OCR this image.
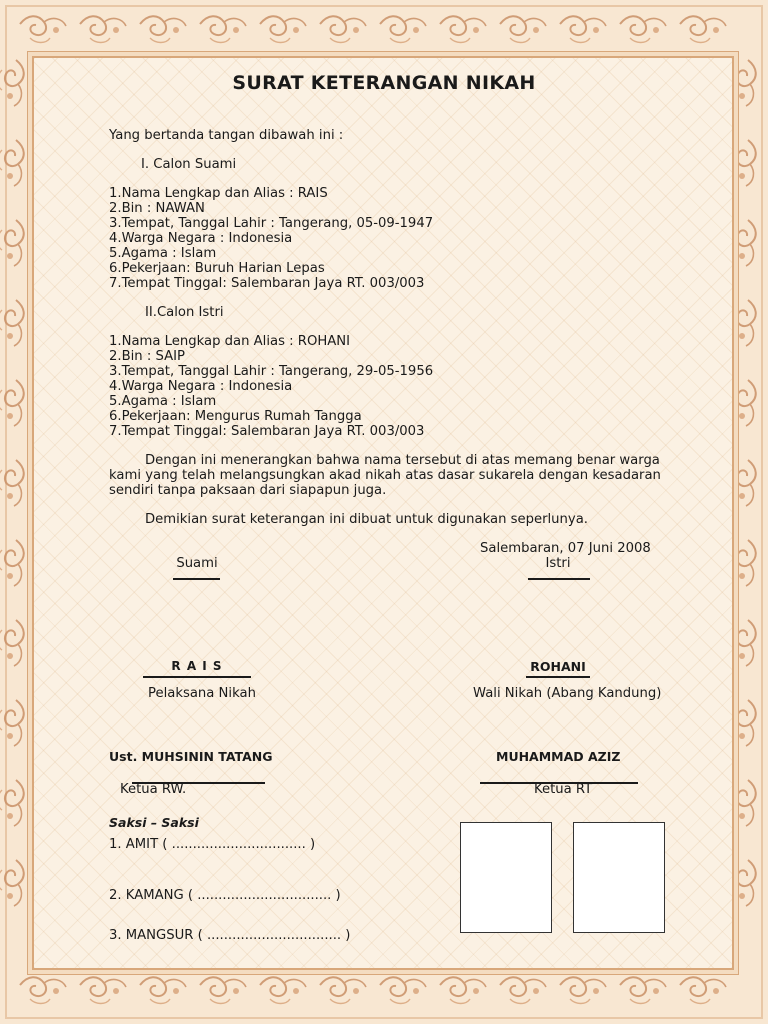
SURAT KETERANGAN NIKAH
Yang bertanda tangan dibawah ini :
I. Calon Suami
1.Nama Lengkap dan Alias : RAIS
2.Bin : NAWAN
3.Tempat, Tanggal Lahir : Tangerang, 05-09-1947
4.Warga Negara : Indonesia
5.Agama : Islam
6.Pekerjaan: Buruh Harian Lepas
7.Tempat Tinggal: Salembaran Jaya RT. 003/003
II.Calon Istri
1.Nama Lengkap dan Alias : ROHANI
2.Bin : SAIP
3.Tempat, Tanggal Lahir : Tangerang, 29-05-1956
4.Warga Negara : Indonesia
5.Agama : Islam
6.Pekerjaan: Mengurus Rumah Tangga
7.Tempat Tinggal: Salembaran Jaya RT. 003/003
Dengan ini menerangkan bahwa nama tersebut di atas memang benar warga
kami yang telah melangsungkan akad nikah atas dasar sukarela dengan kesadaran
sendiri tanpa paksaan dari siapapun juga.
Demikian surat keterangan ini dibuat untuk digunakan seperlunya.
Salembaran, 07 Juni 2008
Suami	Istri
R A I S	ROHANI
Pelaksana Nikah	Wali Nikah (Abang Kandung)
Ust. MUHSININ TATANG	MUHAMMAD AZIZ
Ketua RW.	Ketua RT
Saksi – Saksi
1. AMIT ( ................................ )
2. KAMANG ( ................................ )
3. MANGSUR ( ................................ )
